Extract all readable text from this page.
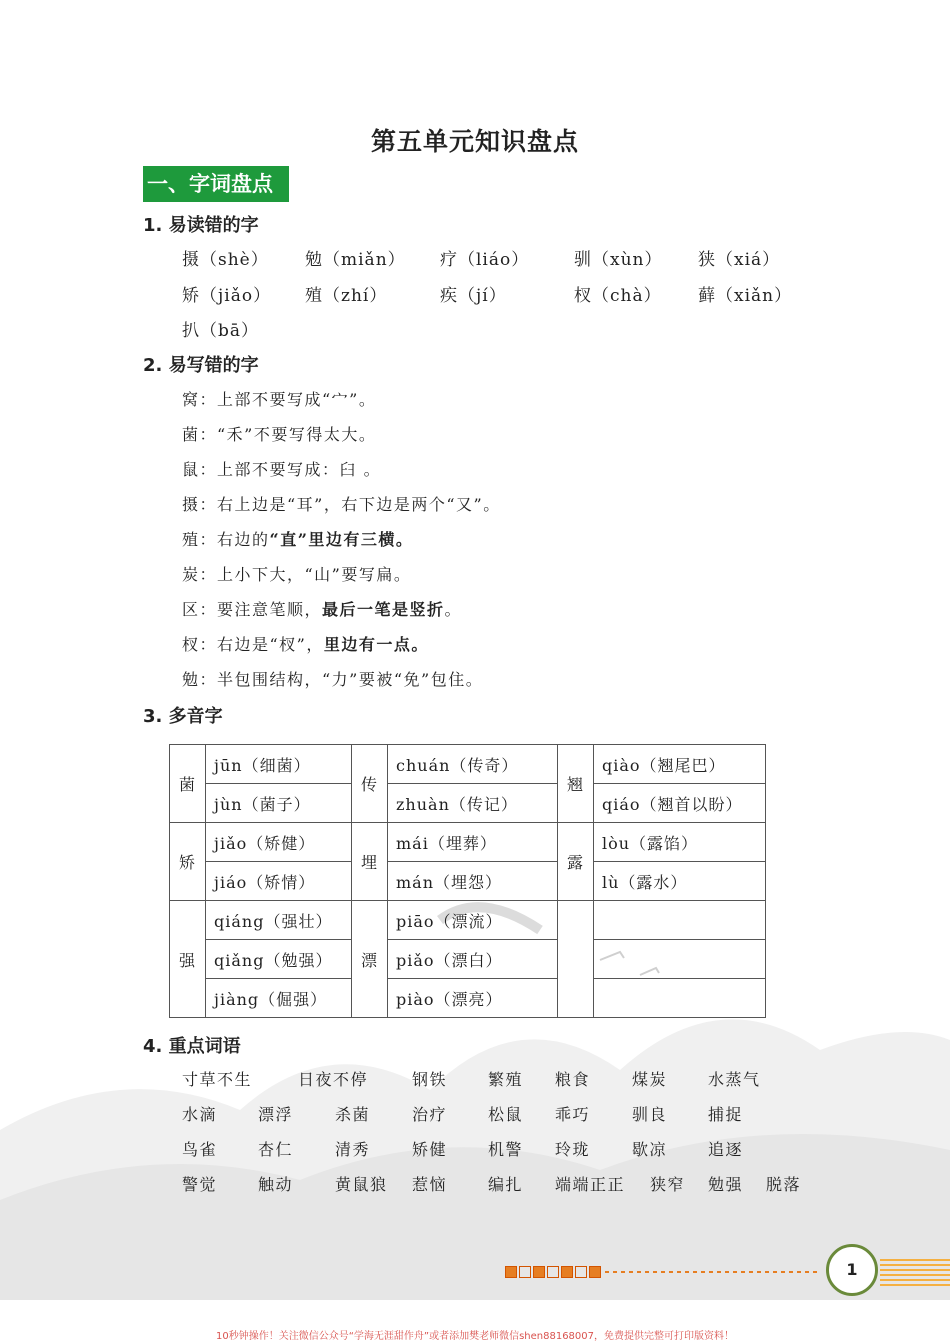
第五单元知识盘点
一、字词盘点
1. 易读错的字
摄（shè） 勉（miǎn） 疗（liáo）	驯（xùn） 狭（xiá）
矫（jiǎo） 殖（zhí）	疾（jí）	杈（chà） 藓（xiǎn）
扒（bā）
2. 易写错的字
窝：上部不要写成“宀”。
菌：“禾”不要写得太大。
鼠：上部不要写成：臼 。
摄：右上边是“耳”，右下边是两个“又”。
殖：右边的“直”里边有三横。
炭：上小下大，“山”要写扁。
区：要注意笔顺，最后一笔是竖折。
杈：右边是“杈”，里边有一点。
勉：半包围结构，“力”要被“免”包住。
3. 多音字
菌	jūn（细菌）	传	chuán（传奇）	翘	qiào（翘尾巴）
	jùn（菌子）		zhuàn（传记）		qiáo（翘首以盼）
矫	jiǎo（矫健）	埋	mái（埋葬）	露	lòu（露馅）
	jiáo（矫情）		mán（埋怨）		lù（露水）
强	qiáng（强壮）	漂	piāo（漂流）		
	qiǎng（勉强）		piǎo（漂白）		
	jiàng（倔强）		piào（漂亮）		
4. 重点词语
寸草不生	日夜不停	钢铁	繁殖 粮食	煤炭	水蒸气
水滴	漂浮	杀菌	治疗	松鼠 乖巧	驯良	捕捉
鸟雀	杏仁	清秀	矫健	机警 玲珑	歇凉	追逐
警觉	触动	黄鼠狼 惹恼	编扎 端端正正 狭窄 勉强 脱落
1
10秒钟操作！关注微信公众号“学海无涯甜作舟”或者添加樊老师微信shen88168007，免费提供完整可打印版资料！
